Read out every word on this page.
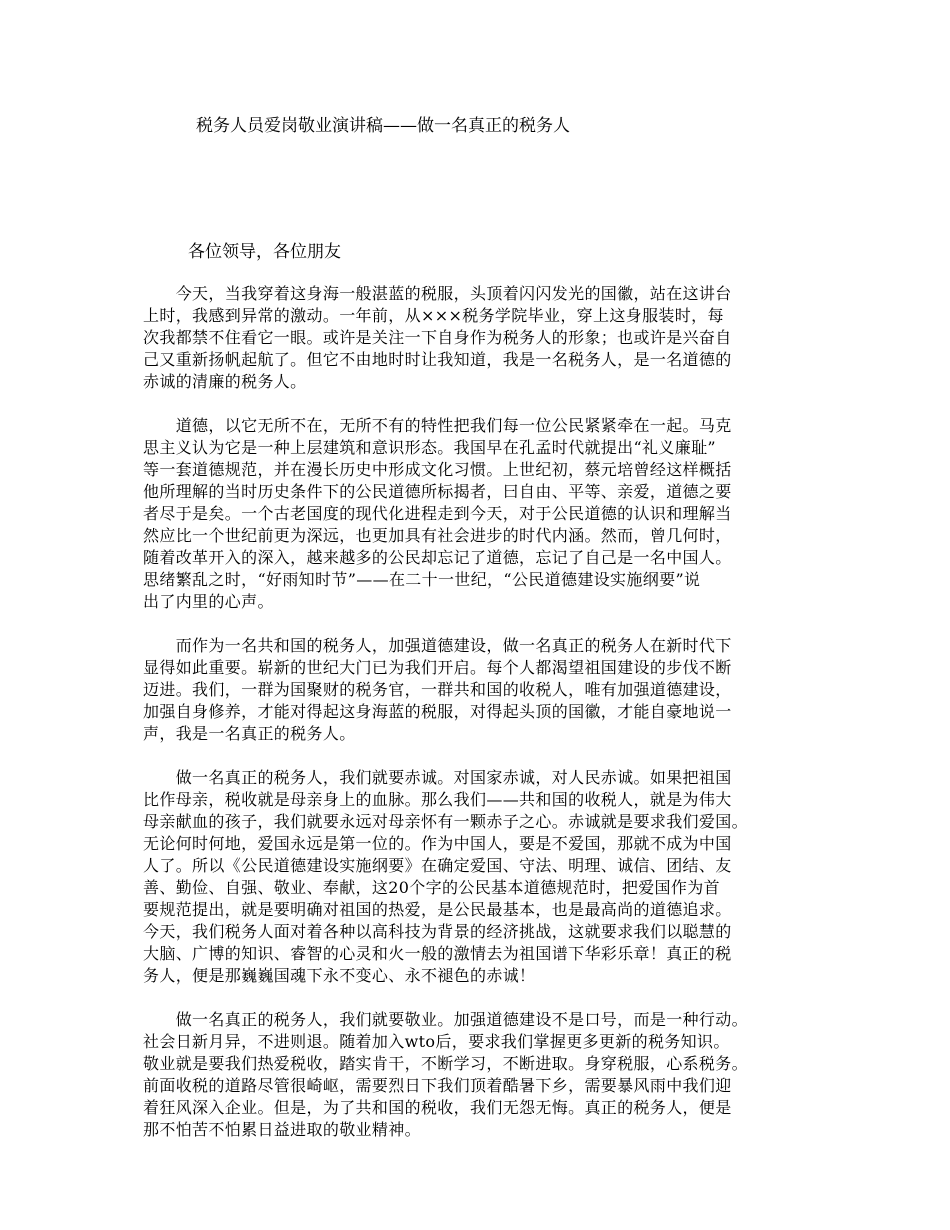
税务人员爱岗敬业演讲稿——做一名真正的税务人

各位领导，各位朋友

　　今天，当我穿着这身海一般湛蓝的税服，头顶着闪闪发光的国徽，站在这讲台
上时，我感到异常的激动。一年前，从×××税务学院毕业，穿上这身服装时，每
次我都禁不住看它一眼。或许是关注一下自身作为税务人的形象；也或许是兴奋自
己又重新扬帆起航了。但它不由地时时让我知道，我是一名税务人，是一名道德的
赤诚的清廉的税务人。
　　道德，以它无所不在，无所不有的特性把我们每一位公民紧紧牵在一起。马克
思主义认为它是一种上层建筑和意识形态。我国早在孔孟时代就提出“礼义廉耻”
等一套道德规范，并在漫长历史中形成文化习惯。上世纪初，蔡元培曾经这样概括
他所理解的当时历史条件下的公民道德所标揭者，曰自由、平等、亲爱，道德之要
者尽于是矣。一个古老国度的现代化进程走到今天，对于公民道德的认识和理解当
然应比一个世纪前更为深远，也更加具有社会进步的时代内涵。然而，曾几何时，
随着改革开入的深入，越来越多的公民却忘记了道德，忘记了自己是一名中国人。
思绪繁乱之时，“好雨知时节”——在二十一世纪，“公民道德建设实施纲要”说
出了内里的心声。
　　而作为一名共和国的税务人，加强道德建设，做一名真正的税务人在新时代下
显得如此重要。崭新的世纪大门已为我们开启。每个人都渴望祖国建设的步伐不断
迈进。我们，一群为国聚财的税务官，一群共和国的收税人，唯有加强道德建设，
加强自身修养，才能对得起这身海蓝的税服，对得起头顶的国徽，才能自豪地说一
声，我是一名真正的税务人。
　　做一名真正的税务人，我们就要赤诚。对国家赤诚，对人民赤诚。如果把祖国
比作母亲，税收就是母亲身上的血脉。那么我们——共和国的收税人，就是为伟大
母亲献血的孩子，我们就要永远对母亲怀有一颗赤子之心。赤诚就是要求我们爱国。
无论何时何地，爱国永远是第一位的。作为中国人，要是不爱国，那就不成为中国
人了。所以《公民道德建设实施纲要》在确定爱国、守法、明理、诚信、团结、友
善、勤俭、自强、敬业、奉献，这20个字的公民基本道德规范时，把爱国作为首
要规范提出，就是要明确对祖国的热爱，是公民最基本，也是最高尚的道德追求。
今天，我们税务人面对着各种以高科技为背景的经济挑战，这就要求我们以聪慧的
大脑、广博的知识、睿智的心灵和火一般的激情去为祖国谱下华彩乐章！真正的税
务人，便是那巍巍国魂下永不变心、永不褪色的赤诚！
　　做一名真正的税务人，我们就要敬业。加强道德建设不是口号，而是一种行动。
社会日新月异，不进则退。随着加入wto后，要求我们掌握更多更新的税务知识。
敬业就是要我们热爱税收，踏实肯干，不断学习，不断进取。身穿税服，心系税务。
前面收税的道路尽管很崎岖，需要烈日下我们顶着酷暑下乡，需要暴风雨中我们迎
着狂风深入企业。但是，为了共和国的税收，我们无怨无悔。真正的税务人，便是
那不怕苦不怕累日益进取的敬业精神。
